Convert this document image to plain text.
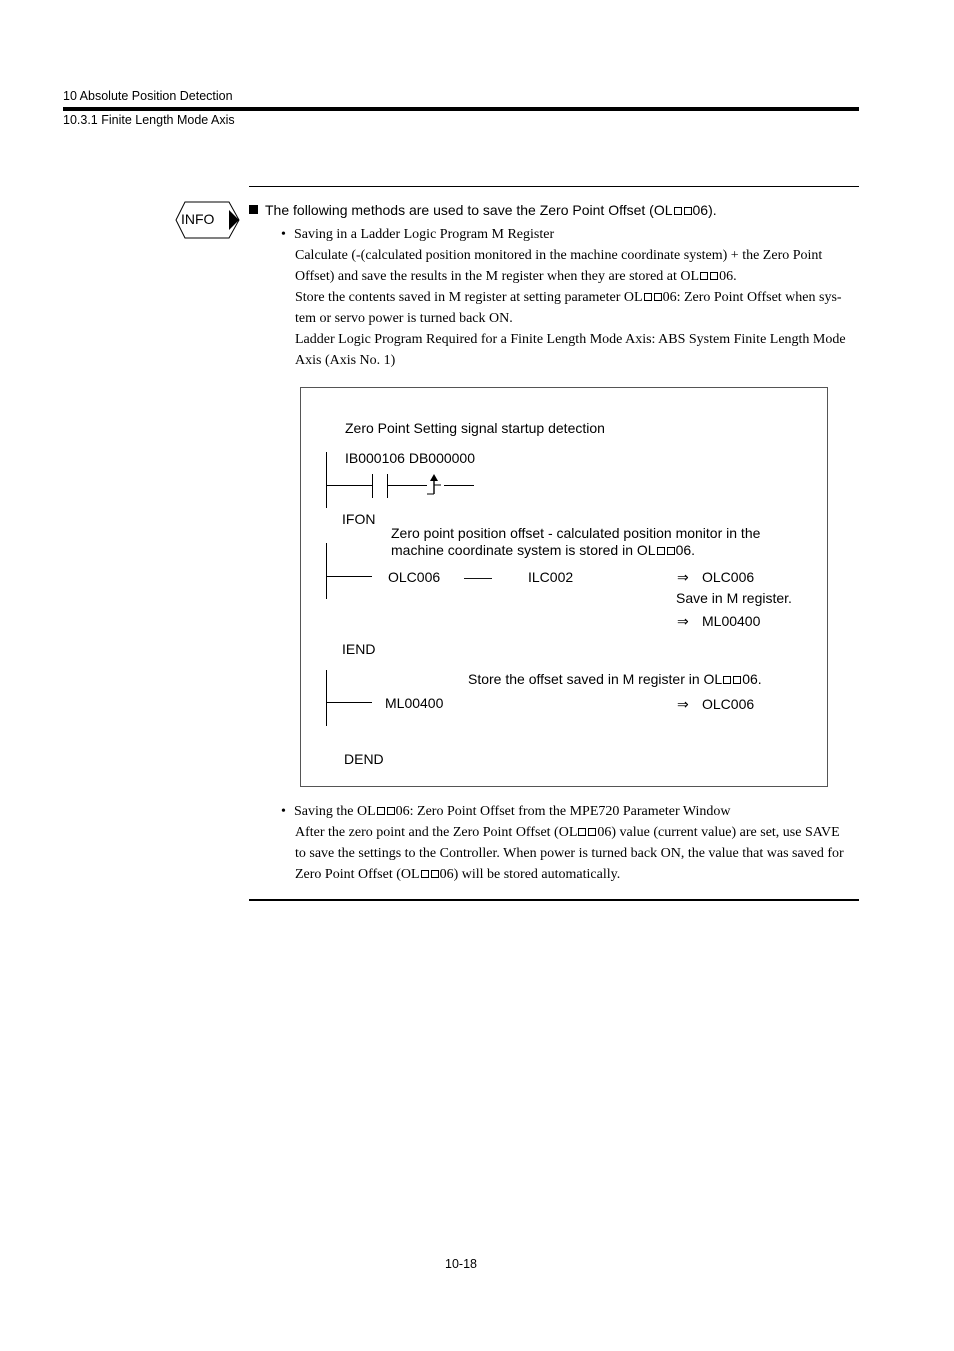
10 Absolute Position Detection
10.3.1 Finite Length Mode Axis
INFO
The following methods are used to save the Zero Point Offset (OL 06).
• Saving in a Ladder Logic Program M Register
Calculate (-(calculated position monitored in the machine coordinate system) + the Zero Point
Offset) and save the results in the M register when they are stored at OL 06.
Store the contents saved in M register at setting parameter OL 06: Zero Point Offset when sys-
tem or servo power is turned back ON.
Ladder Logic Program Required for a Finite Length Mode Axis: ABS System Finite Length Mode
Axis (Axis No. 1)
Zero Point Setting signal startup detection
IB000106 DB000000
IFON
Zero point position offset - calculated position monitor in the
machine coordinate system is stored in OL 06.
OLC006 ——	ILC002	⇒ OLC006
Save in M register.
⇒ ML00400
IEND
Store the offset saved in M register in OL 06.
ML00400	⇒ OLC006
DEND
• Saving the OL 06: Zero Point Offset from the MPE720 Parameter Window
After the zero point and the Zero Point Offset (OL 06) value (current value) are set, use SAVE
to save the settings to the Controller. When power is turned back ON, the value that was saved for
Zero Point Offset (OL 06) will be stored automatically.
10-18
